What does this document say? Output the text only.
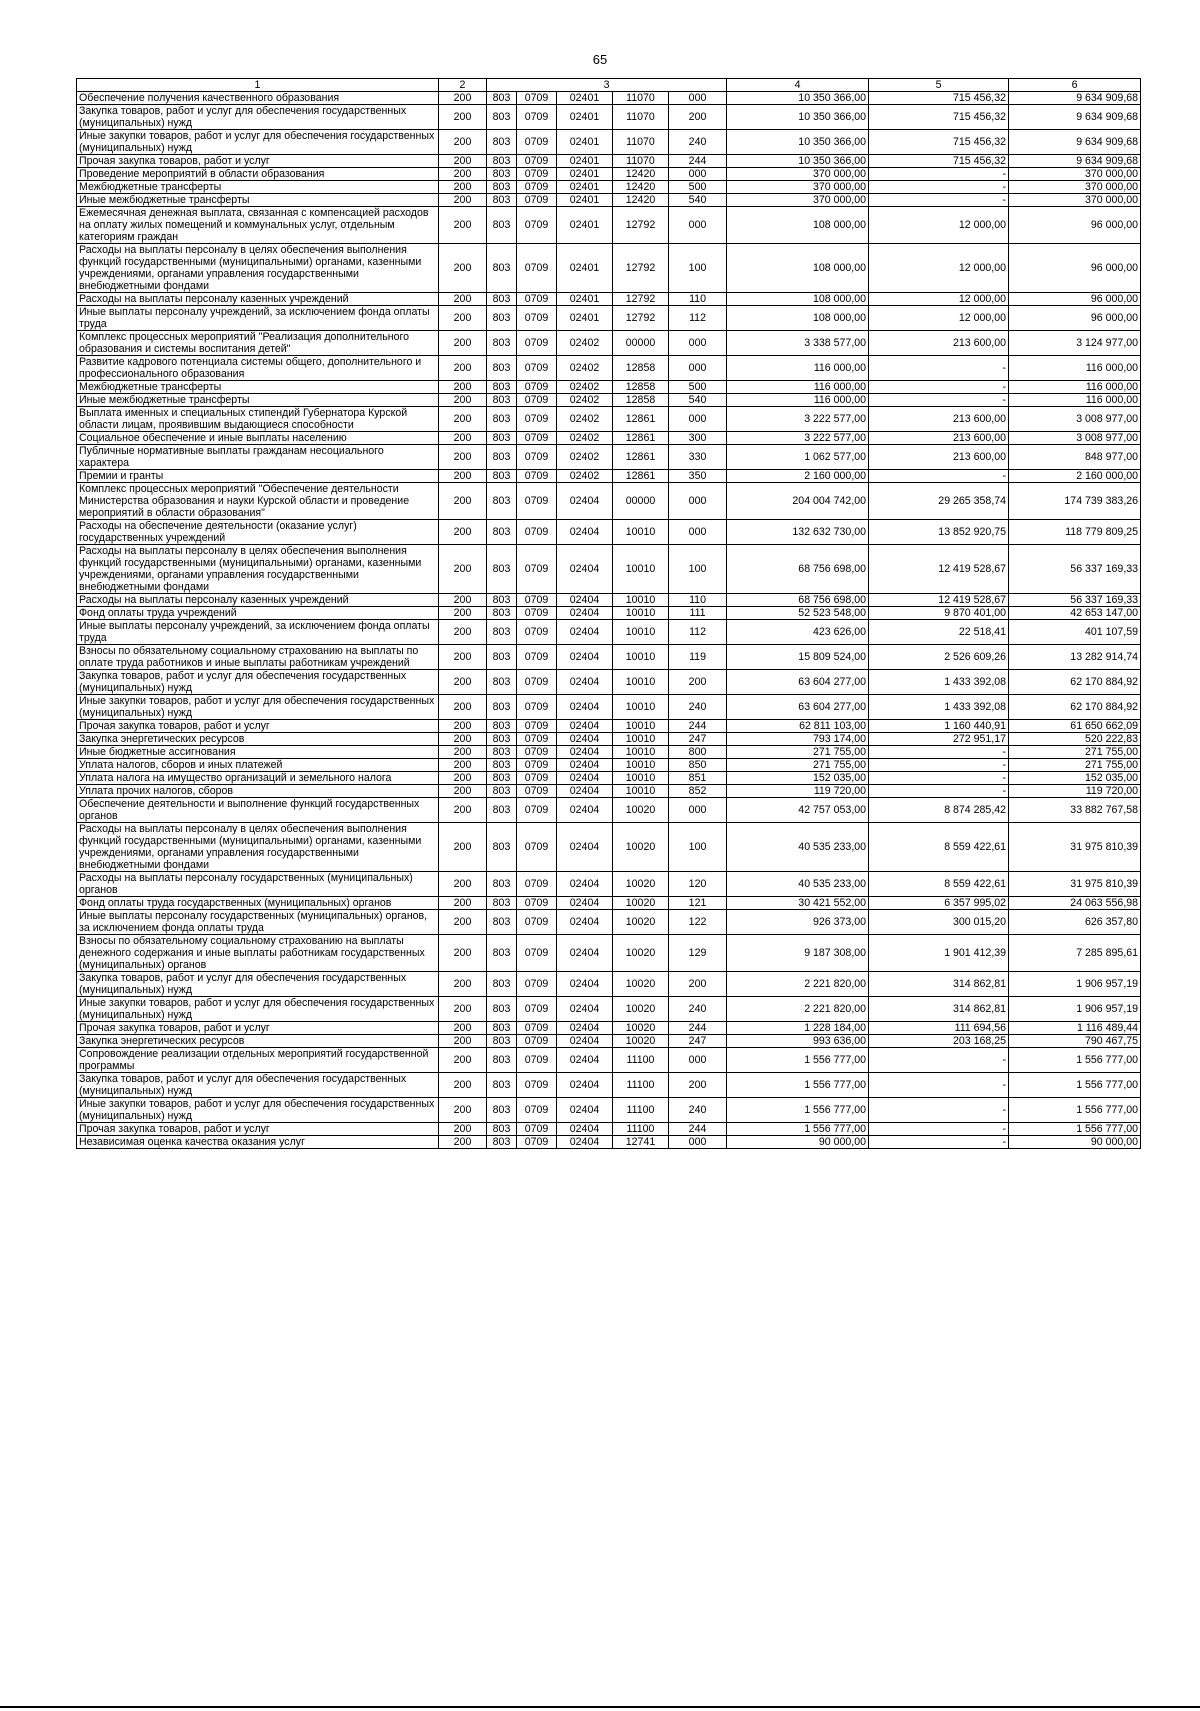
65
1	2	3					4	5	6
Обеспечение получения качественного образования	200	803	0709	02401	11070	000	10 350 366,00	715 456,32	9 634 909,68
Закупка товаров, работ и услуг для обеспечения государственных (муниципальных) нужд	200	803	0709	02401	11070	200	10 350 366,00	715 456,32	9 634 909,68
Иные закупки товаров, работ и услуг для обеспечения государственных (муниципальных) нужд	200	803	0709	02401	11070	240	10 350 366,00	715 456,32	9 634 909,68
Прочая закупка товаров, работ и услуг	200	803	0709	02401	11070	244	10 350 366,00	715 456,32	9 634 909,68
Проведение мероприятий в области образования	200	803	0709	02401	12420	000	370 000,00	-	370 000,00
Межбюджетные трансферты	200	803	0709	02401	12420	500	370 000,00	-	370 000,00
Иные межбюджетные трансферты	200	803	0709	02401	12420	540	370 000,00	-	370 000,00
Ежемесячная денежная выплата, связанная с компенсацией расходов на оплату жилых помещений и коммунальных услуг, отдельным категориям граждан	200	803	0709	02401	12792	000	108 000,00	12 000,00	96 000,00
Расходы на выплаты персоналу в целях обеспечения выполнения функций государственными (муниципальными) органами, казенными учреждениями, органами управления государственными внебюджетными фондами	200	803	0709	02401	12792	100	108 000,00	12 000,00	96 000,00
Расходы на выплаты персоналу казенных учреждений	200	803	0709	02401	12792	110	108 000,00	12 000,00	96 000,00
Иные выплаты персоналу учреждений, за исключением фонда оплаты труда	200	803	0709	02401	12792	112	108 000,00	12 000,00	96 000,00
Комплекс процессных мероприятий "Реализация дополнительного образования и системы воспитания детей"	200	803	0709	02402	00000	000	3 338 577,00	213 600,00	3 124 977,00
Развитие кадрового потенциала системы общего, дополнительного и профессионального образования	200	803	0709	02402	12858	000	116 000,00	-	116 000,00
Межбюджетные трансферты	200	803	0709	02402	12858	500	116 000,00	-	116 000,00
Иные межбюджетные трансферты	200	803	0709	02402	12858	540	116 000,00	-	116 000,00
Выплата именных и специальных стипендий Губернатора Курской области лицам, проявившим выдающиеся способности	200	803	0709	02402	12861	000	3 222 577,00	213 600,00	3 008 977,00
Социальное обеспечение и иные выплаты населению	200	803	0709	02402	12861	300	3 222 577,00	213 600,00	3 008 977,00
Публичные нормативные выплаты гражданам несоциального характера	200	803	0709	02402	12861	330	1 062 577,00	213 600,00	848 977,00
Премии и гранты	200	803	0709	02402	12861	350	2 160 000,00	-	2 160 000,00
Комплекс процессных мероприятий "Обеспечение деятельности Министерства образования и науки Курской области и проведение мероприятий в области образования"	200	803	0709	02404	00000	000	204 004 742,00	29 265 358,74	174 739 383,26
Расходы на обеспечение деятельности (оказание услуг) государственных учреждений	200	803	0709	02404	10010	000	132 632 730,00	13 852 920,75	118 779 809,25
Расходы на выплаты персоналу в целях обеспечения выполнения функций государственными (муниципальными) органами, казенными учреждениями, органами управления государственными внебюджетными фондами	200	803	0709	02404	10010	100	68 756 698,00	12 419 528,67	56 337 169,33
Расходы на выплаты персоналу казенных учреждений	200	803	0709	02404	10010	110	68 756 698,00	12 419 528,67	56 337 169,33
Фонд оплаты труда учреждений	200	803	0709	02404	10010	111	52 523 548,00	9 870 401,00	42 653 147,00
Иные выплаты персоналу учреждений, за исключением фонда оплаты труда	200	803	0709	02404	10010	112	423 626,00	22 518,41	401 107,59
Взносы по обязательному социальному страхованию на выплаты по оплате труда работников и иные выплаты работникам учреждений	200	803	0709	02404	10010	119	15 809 524,00	2 526 609,26	13 282 914,74
Закупка товаров, работ и услуг для обеспечения государственных (муниципальных) нужд	200	803	0709	02404	10010	200	63 604 277,00	1 433 392,08	62 170 884,92
Иные закупки товаров, работ и услуг для обеспечения государственных (муниципальных) нужд	200	803	0709	02404	10010	240	63 604 277,00	1 433 392,08	62 170 884,92
Прочая закупка товаров, работ и услуг	200	803	0709	02404	10010	244	62 811 103,00	1 160 440,91	61 650 662,09
Закупка энергетических ресурсов	200	803	0709	02404	10010	247	793 174,00	272 951,17	520 222,83
Иные бюджетные ассигнования	200	803	0709	02404	10010	800	271 755,00	-	271 755,00
Уплата налогов, сборов и иных платежей	200	803	0709	02404	10010	850	271 755,00	-	271 755,00
Уплата налога на имущество организаций и земельного налога	200	803	0709	02404	10010	851	152 035,00	-	152 035,00
Уплата прочих налогов, сборов	200	803	0709	02404	10010	852	119 720,00	-	119 720,00
Обеспечение деятельности и выполнение функций государственных органов	200	803	0709	02404	10020	000	42 757 053,00	8 874 285,42	33 882 767,58
Расходы на выплаты персоналу в целях обеспечения выполнения функций государственными (муниципальными) органами, казенными учреждениями, органами управления государственными внебюджетными фондами	200	803	0709	02404	10020	100	40 535 233,00	8 559 422,61	31 975 810,39
Расходы на выплаты персоналу государственных (муниципальных) органов	200	803	0709	02404	10020	120	40 535 233,00	8 559 422,61	31 975 810,39
Фонд оплаты труда государственных (муниципальных) органов	200	803	0709	02404	10020	121	30 421 552,00	6 357 995,02	24 063 556,98
Иные выплаты персоналу государственных (муниципальных) органов, за исключением фонда оплаты труда	200	803	0709	02404	10020	122	926 373,00	300 015,20	626 357,80
Взносы по обязательному социальному страхованию на выплаты денежного содержания и иные выплаты работникам государственных (муниципальных) органов	200	803	0709	02404	10020	129	9 187 308,00	1 901 412,39	7 285 895,61
Закупка товаров, работ и услуг для обеспечения государственных (муниципальных) нужд	200	803	0709	02404	10020	200	2 221 820,00	314 862,81	1 906 957,19
Иные закупки товаров, работ и услуг для обеспечения государственных (муниципальных) нужд	200	803	0709	02404	10020	240	2 221 820,00	314 862,81	1 906 957,19
Прочая закупка товаров, работ и услуг	200	803	0709	02404	10020	244	1 228 184,00	111 694,56	1 116 489,44
Закупка энергетических ресурсов	200	803	0709	02404	10020	247	993 636,00	203 168,25	790 467,75
Сопровождение реализации отдельных мероприятий государственной программы	200	803	0709	02404	11100	000	1 556 777,00	-	1 556 777,00
Закупка товаров, работ и услуг для обеспечения государственных (муниципальных) нужд	200	803	0709	02404	11100	200	1 556 777,00	-	1 556 777,00
Иные закупки товаров, работ и услуг для обеспечения государственных (муниципальных) нужд	200	803	0709	02404	11100	240	1 556 777,00	-	1 556 777,00
Прочая закупка товаров, работ и услуг	200	803	0709	02404	11100	244	1 556 777,00	-	1 556 777,00
Независимая оценка качества оказания услуг	200	803	0709	02404	12741	000	90 000,00	-	90 000,00
